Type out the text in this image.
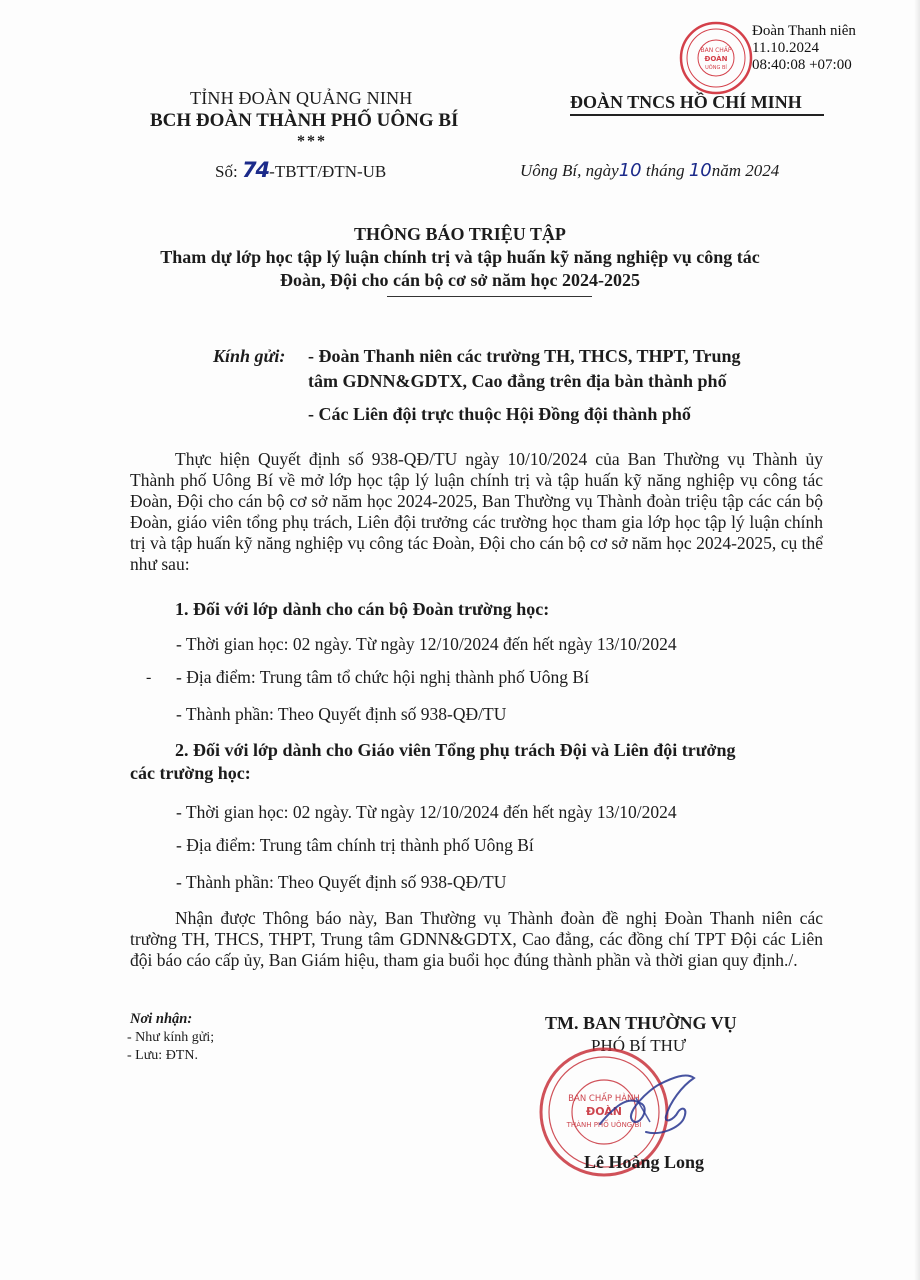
BAN CHẤP
ĐOÀN
UÔNG BÍ
Đoàn Thanh niên
11.10.2024
08:40:08 +07:00
TỈNH ĐOÀN QUẢNG NINH
BCH ĐOÀN THÀNH PHỐ UÔNG BÍ
***
ĐOÀN TNCS HỒ CHÍ MINH
Số: 74-TBTT/ĐTN-UB	Uông Bí, ngày10 tháng 10năm 2024
THÔNG BÁO TRIỆU TẬP
Tham dự lớp học tập lý luận chính trị và tập huấn kỹ năng nghiệp vụ công tác
Đoàn, Đội cho cán bộ cơ sở năm học 2024-2025
Kính gửi: - Đoàn Thanh niên các trường TH, THCS, THPT, Trung
tâm GDNN&GDTX, Cao đẳng trên địa bàn thành phố
- Các Liên đội trực thuộc Hội Đồng đội thành phố
Thực hiện Quyết định số 938-QĐ/TU ngày 10/10/2024 của Ban Thường vụ Thành ủy Thành phố Uông Bí về mở lớp học tập lý luận chính trị và tập huấn kỹ năng nghiệp vụ công tác Đoàn, Đội cho cán bộ cơ sở năm học 2024-2025, Ban Thường vụ Thành đoàn triệu tập các cán bộ Đoàn, giáo viên tổng phụ trách, Liên đội trưởng các trường học tham gia lớp học tập lý luận chính trị và tập huấn kỹ năng nghiệp vụ công tác Đoàn, Đội cho cán bộ cơ sở năm học 2024-2025, cụ thể như sau:
1. Đối với lớp dành cho cán bộ Đoàn trường học:
- Thời gian học: 02 ngày. Từ ngày 12/10/2024 đến hết ngày 13/10/2024
- - Địa điểm: Trung tâm tổ chức hội nghị thành phố Uông Bí
- Thành phần: Theo Quyết định số 938-QĐ/TU
2. Đối với lớp dành cho Giáo viên Tổng phụ trách Đội và Liên đội trưởng
các trường học:
- Thời gian học: 02 ngày. Từ ngày 12/10/2024 đến hết ngày 13/10/2024
- Địa điểm: Trung tâm chính trị thành phố Uông Bí
- Thành phần: Theo Quyết định số 938-QĐ/TU
Nhận được Thông báo này, Ban Thường vụ Thành đoàn đề nghị Đoàn Thanh niên các trường TH, THCS, THPT, Trung tâm GDNN&GDTX, Cao đẳng, các đồng chí TPT Đội các Liên đội báo cáo cấp ủy, Ban Giám hiệu, tham gia buổi học đúng thành phần và thời gian quy định./.
Nơi nhận:
- Như kính gửi;
- Lưu: ĐTN.
TM. BAN THƯỜNG VỤ
PHÓ BÍ THƯ
BAN CHẤP HÀNH
ĐOÀN
THÀNH PHỐ UÔNG BÍ
Lê Hoàng Long
